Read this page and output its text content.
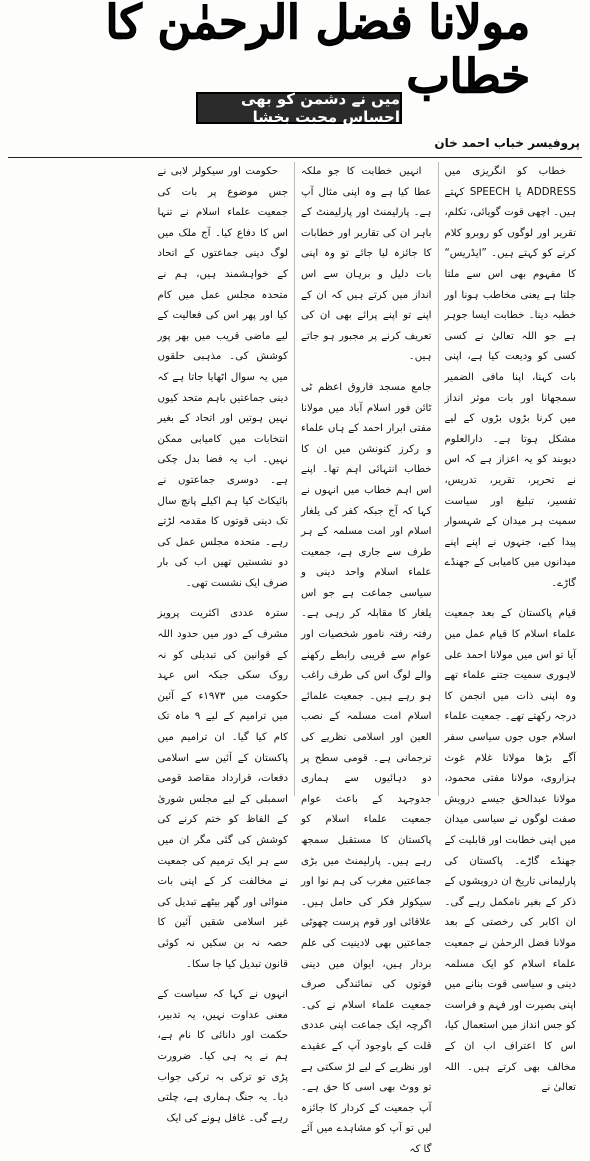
مولانا فضل الرحمٰن کا خطاب
میں نے دشمن کو بھی احساسِ محبت بخشا
پروفیسر خباب احمد خان
خطاب کو انگریزی میں ADDRESS یا SPEECH کہتے ہیں۔ اچھی قوت گویائی، تکلم، تقریر اور لوگوں کو روبرو کلام کرنے کو کہتے ہیں۔ ”ایڈریس“ کا مفہوم بھی اس سے ملتا جلتا ہے یعنی مخاطب ہونا اور خطبہ دینا۔ خطابت ایسا جوہر ہے جو اللہ تعالیٰ نے کسی کسی کو ودیعت کیا ہے، اپنی بات کہنا، اپنا مافی الضمیر سمجھانا اور بات موثر انداز میں کرنا بڑوں بڑوں کے لیے مشکل ہوتا ہے۔ دارالعلوم دیوبند کو یہ اعزاز ہے کہ اس نے تحریر، تقریر، تدریس، تفسیر، تبلیغ اور سیاست سمیت ہر میدان کے شہسوار پیدا کیے، جنہوں نے اپنے اپنے میدانوں میں کامیابی کے جھنڈے گاڑے۔
قیام پاکستان کے بعد جمعیت علماء اسلام کا قیام عمل میں آیا تو اس میں مولانا احمد علی لاہوری سمیت جتنے علماء تھے وہ اپنی ذات میں انجمن کا درجہ رکھتے تھے۔ جمعیت علماء اسلام جوں جوں سیاسی سفر آگے بڑھا مولانا غلام غوث ہزاروی، مولانا مفتی محمود، مولانا عبدالحق جیسے درویش صفت لوگوں نے سیاسی میدان میں اپنی خطابت اور قابلیت کے جھنڈے گاڑے۔ پاکستان کی پارلیمانی تاریخ ان درویشوں کے ذکر کے بغیر نامکمل رہے گی۔ ان اکابر کی رخصتی کے بعد مولانا فضل الرحمٰن نے جمعیت علماء اسلام کو ایک مسلمہ دینی و سیاسی قوت بنانے میں اپنی بصیرت اور فہم و فراست کو جس انداز میں استعمال کیا، اس کا اعتراف اب ان کے مخالف بھی کرتے ہیں۔ اللہ تعالیٰ نے
انہیں خطابت کا جو ملکہ عطا کیا ہے وہ اپنی مثال آپ ہے۔ پارلیمنٹ اور پارلیمنٹ کے باہر ان کی تقاریر اور خطابات کا جائزہ لیا جائے تو وہ اپنی بات دلیل و برہان سے اس انداز میں کرتے ہیں کہ ان کے اپنے تو اپنے پرائے بھی ان کی تعریف کرنے پر مجبور ہو جاتے ہیں۔
جامع مسجد فاروق اعظم ٹی ٹائن فور اسلام آباد میں مولانا مفتی ابرار احمد کے ہاں علماء و رکرز کنونشن میں ان کا خطاب انتہائی اہم تھا۔ اپنے اس اہم خطاب میں انہوں نے کہا کہ آج جبکہ کفر کی یلغار اسلام اور امت مسلمہ کے ہر طرف سے جاری ہے، جمعیت علماء اسلام واحد دینی و سیاسی جماعت ہے جو اس یلغار کا مقابلہ کر رہی ہے۔ رفتہ رفتہ نامور شخصیات اور عوام سے قریبی رابطے رکھنے والے لوگ اس کی طرف راغب ہو رہے ہیں۔ جمعیت علمائے اسلام امت مسلمہ کے نصب العین اور اسلامی نظریے کی ترجمانی ہے۔ قومی سطح پر دو دہائیوں سے ہماری جدوجہد کے باعث عوام جمعیت علماء اسلام کو پاکستان کا مستقبل سمجھ رہے ہیں۔ پارلیمنٹ میں بڑی جماعتیں مغرب کی ہم نوا اور سیکولر فکر کی حامل ہیں۔ علاقائی اور قوم پرست چھوٹی جماعتیں بھی لادینیت کی علم بردار ہیں، ایوان میں دینی قوتوں کی نمائندگی صرف جمعیت علماء اسلام نے کی۔ اگرچہ ایک جماعت اپنی عددی قلت کے باوجود آپ کے عقیدے اور نظریے کے لیے لڑ سکتی ہے تو ووٹ بھی اسی کا حق ہے۔ آپ جمعیت کے کردار کا جائزہ لیں تو آپ کو مشاہدے میں آئے گا کہ
حکومت اور سیکولر لابی نے جس موضوع پر بات کی جمعیت علماء اسلام نے تنہا اس کا دفاع کیا۔ آج ملک میں لوگ دینی جماعتوں کے اتحاد کے خواہشمند ہیں، ہم نے متحدہ مجلس عمل میں کام کیا اور پھر اس کی فعالیت کے لیے ماضی قریب میں بھر پور کوشش کی۔ مذہبی حلقوں میں یہ سوال اٹھایا جاتا ہے کہ دینی جماعتیں باہم متحد کیوں نہیں ہوتیں اور اتحاد کے بغیر انتخابات میں کامیابی ممکن نہیں۔ اب یہ فضا بدل چکی ہے۔ دوسری جماعتوں نے بائیکاٹ کیا ہم اکیلے پانچ سال تک دینی قوتوں کا مقدمہ لڑتے رہے۔ متحدہ مجلس عمل کی دو نشستیں تھیں اب کی بار صرف ایک نشست تھی۔
سترہ عددی اکثریت پرویز مشرف کے دور میں حدود اللہ کے قوانین کی تبدیلی کو نہ روک سکی جبکہ اس عہد حکومت میں ۱۹۷۳ء کے آئین میں ترامیم کے لیے ۹ ماہ تک کام کیا گیا۔ ان ترامیم میں پاکستان کے آئین سے اسلامی دفعات، قرارداد مقاصد قومی اسمبلی کے لیے مجلس شوریٰ کے الفاظ کو ختم کرنے کی کوشش کی گئی مگر ان میں سے ہر ایک ترمیم کی جمعیت نے مخالفت کر کے اپنی بات منوائی اور گھر بیٹھے تبدیل کی غیر اسلامی شقیں آئین کا حصہ نہ بن سکیں نہ کوئی قانون تبدیل کیا جا سکا۔
انہوں نے کہا کہ سیاست کے معنی عداوت نہیں، یہ تدبیر، حکمت اور دانائی کا نام ہے، ہم نے یہ ہی کیا۔ ضرورت پڑی تو ترکی بہ ترکی جواب دیا۔ یہ جنگ ہماری ہے، چلتی رہے گی۔ غافل ہونے کی ایک
